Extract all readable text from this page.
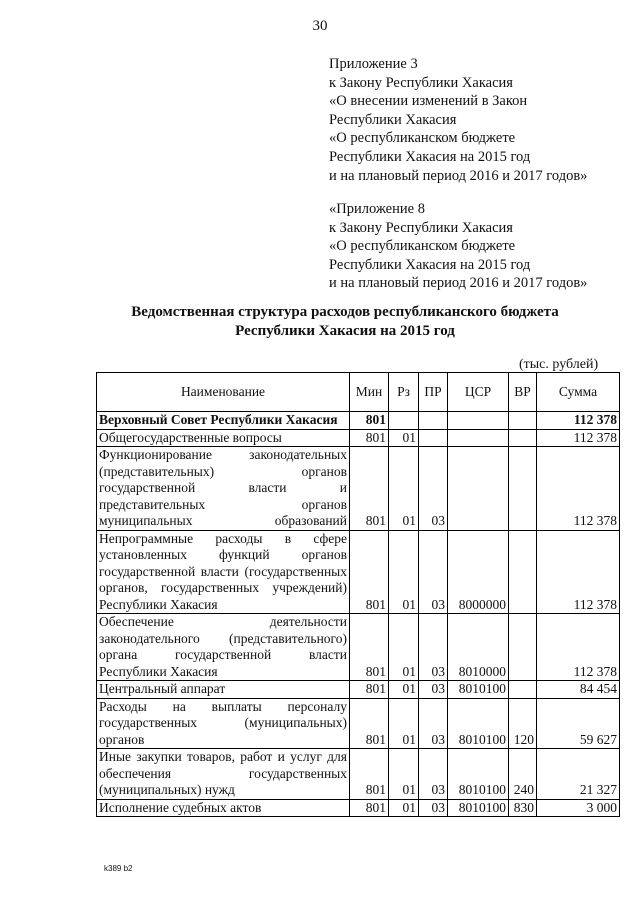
30
Приложение 3
к Закону Республики Хакасия
«О внесении изменений в Закон
Республики Хакасия
«О республиканском бюджете
Республики Хакасия на 2015 год
и на плановый период 2016 и 2017 годов»
«Приложение 8
к Закону Республики Хакасия
«О республиканском бюджете
Республики Хакасия на 2015 год
и на плановый период 2016 и 2017 годов»
Ведомственная структура расходов республиканского бюджета
Республики Хакасия на 2015 год
(тыс. рублей)
Наименование	Мин	Рз	ПР	ЦСР	ВР	Сумма
Верховный Совет Республики Хакасия	801					112 378
Общегосударственные вопросы	801	01				112 378
Функционирование законодательных (представительных) органов государственной власти и представительных органов муниципальных образований	801	01	03			112 378
Непрограммные расходы в сфере установленных функций органов государственной власти (государственных органов, государственных учреждений) Республики Хакасия	801	01	03	8000000		112 378
Обеспечение деятельности законодательного (представительного) органа государственной власти Республики Хакасия	801	01	03	8010000		112 378
Центральный аппарат	801	01	03	8010100		84 454
Расходы на выплаты персоналу государственных (муниципальных) органов	801	01	03	8010100	120	59 627
Иные закупки товаров, работ и услуг для обеспечения государственных (муниципальных) нужд	801	01	03	8010100	240	21 327
Исполнение судебных актов	801	01	03	8010100	830	3 000
k389 b2
